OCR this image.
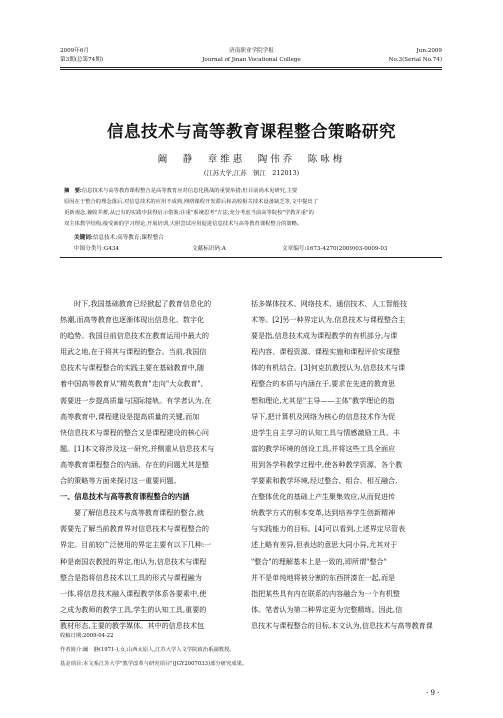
2009年6月
第3期(总第74期)
济南职业学院学报
Journal of Jinan Vocational College
Jun.2009
No.3(Serial No.74)
信息技术与高等教育课程整合策略研究
阚　静　章维惠　陶伟乔　陈咏梅
(江苏大学,江苏　镇江　212013)
摘　要:信息技术与高等教育课程整合是高等教育应对信息化挑战的重要举措;但目前尚未见研究,主要
原因在于整合的理念落后,对信息技术的应用不成熟,网络课程开发滞后和高校相关技术设备缺乏等,文中提出了
更新观念,兼收并蓄,从已有的实践中获得启示借鉴;注重"系统思考"方法;充分考虑当前高等院校"学教并重"的
双主体教学结构;接受新的学习理论,开展培训,大胆尝试应用促进信息技术与高等教育课程整合的策略。
关键词:信息技术;高等教育;课程整合
中图分类号:G434	文献标识码:A	文章编号:1673-4270(2009)03-0009-03
时下,我国基础教育已经掀起了教育信息化的
热潮,而高等教育也逐渐体现出信息化、数字化
的趋势。我国目前信息技术在教育运用中最大的
用武之地,在于将其与课程的整合。当前,我国信
息技术与课程整合的实践主要在基础教育中,随
着中国高等教育从"精英教育"走向"大众教育",
需要进一步提高质量与国际接轨。有学者认为,在
高等教育中,课程建设是提高质量的关键,而加
快信息技术与课程的整合又是课程建设的核心问
题。[1]本文将涉及这一研究,并侧重从信息技术与
高等教育课程整合的内涵、存在的问题尤其是整
合的策略等方面来探讨这一重要问题。
一、信息技术与高等教育课程整合的内涵
要了解信息技术与高等教育课程的整合,就
需要先了解当前教育界对信息技术与课程整合的
界定。目前较广泛使用的界定主要有以下几种:一
种是南国农教授的界定,他认为,信息技术与课程
整合是指将信息技术以工具的形式与课程融为
一体,将信息技术融入课程教学体系各要素中,使
之成为教师的教学工具,学生的认知工具,重要的
教材形态,主要的教学媒体。其中的信息技术包
括多媒体技术、网络技术、通信技术、人工智能技
术等。[2]另一种界定认为,信息技术与课程整合主
要是指,信息技术成为课程教学的有机部分,与课
程内容、课程资源、课程实施和课程评价实现整
体的有机结合。[3]何克抗教授认为,信息技术与课
程整合的本质与内涵在于,要求在先进的教育思
想和理论,尤其是"主导——主体"教学理论的指
导下,把计算机及网络为核心的信息技术作为促
进学生自主学习的认知工具与情感激励工具、丰
富的教学环境的创设工具,并将这些工具全面应
用到各学科教学过程中,使各种教学资源、各个教
学要素和教学环境,经过整合、组合、相互融合,
在整体优化的基础上产生聚集效应,从而促进传
统教学方式的根本变革,达到培养学生创新精神
与实践能力的目标。[4]可以看到,上述界定尽管表
述上略有差异,但表达的意思大同小异,尤其对于
"整合"的理解基本上是一致的,即所谓"整合"
并不是单纯地将被分割的东西拼凑在一起,而是
指把某些具有内在联系的内容融合为一个有机整
体。笔者认为第二种界定更为完整精练。因此,信
息技术与课程整合的目标,本文认为,信息技术与高等教育课
收稿日期:2009-04-22
作者简介:阚　静(1971-),女,山西太原人,江苏大学人文学院政治系副教授。
基金项目:本文系江苏大学"教学改革与研究项目"(JGY2007033)部分研究成果。
· 9 ·
